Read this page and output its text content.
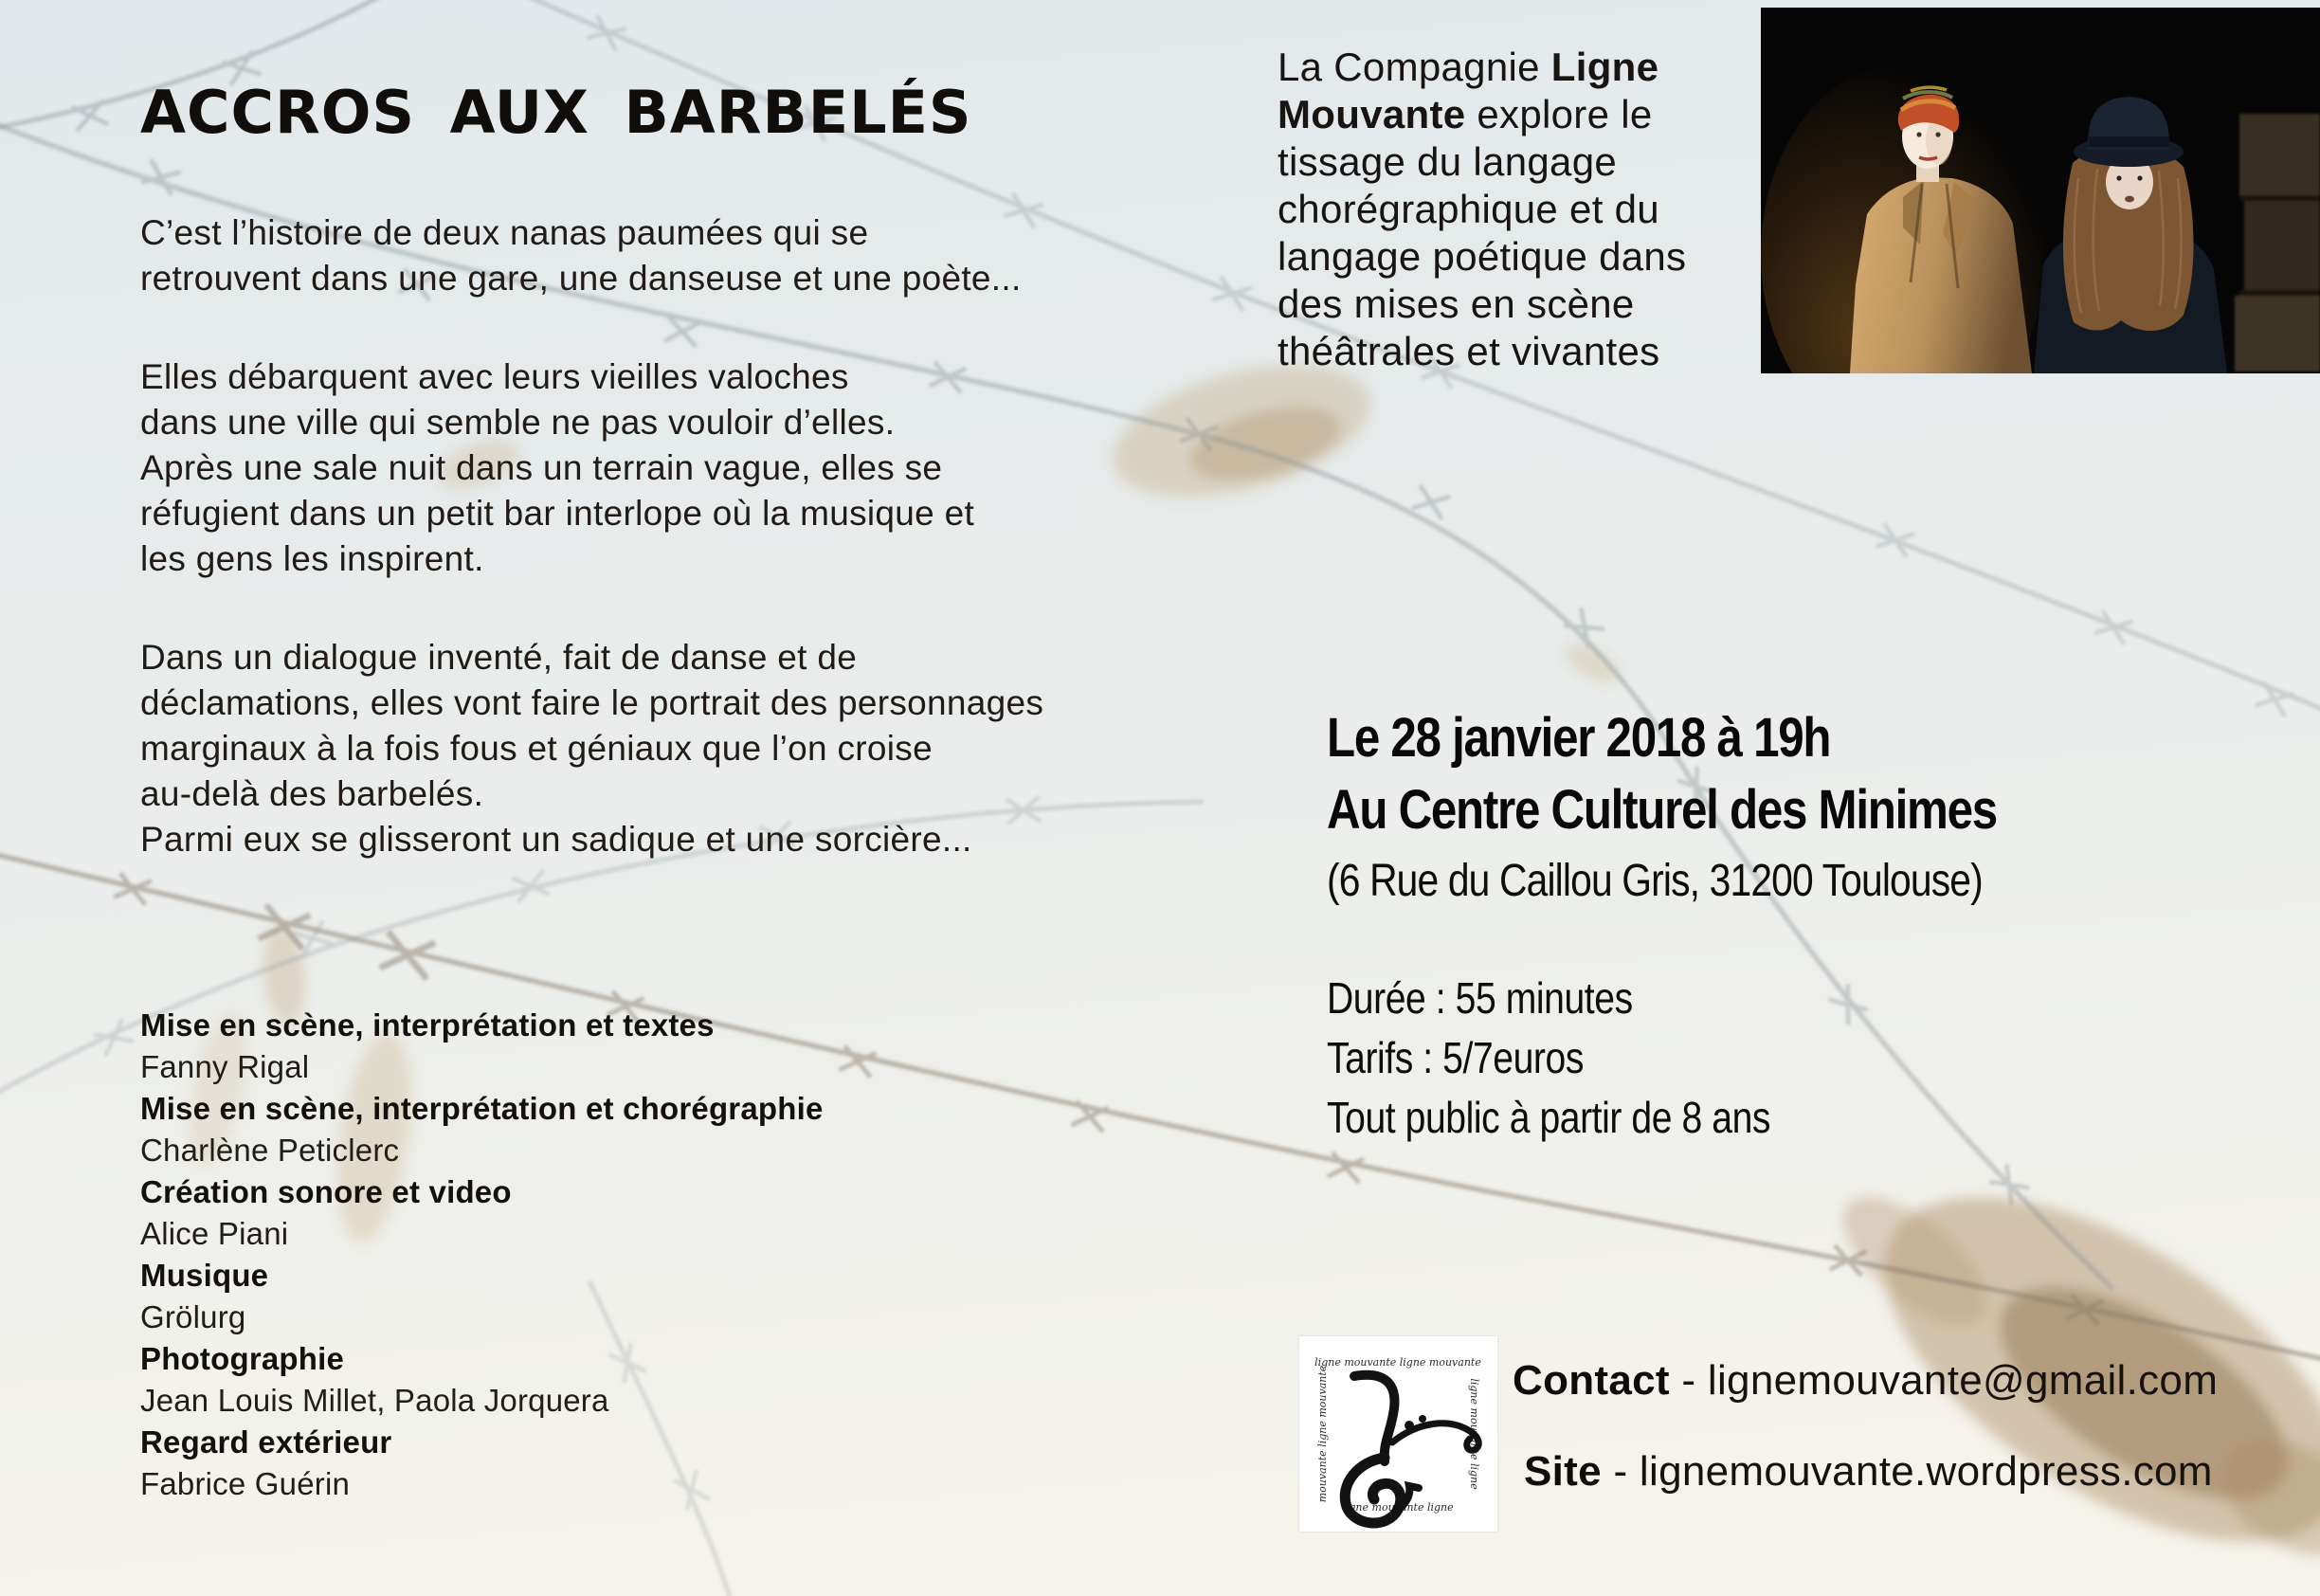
ACCROS AUX BARBELÉS

C’est l’histoire de deux nanas paumées qui se
retrouvent dans une gare, une danseuse et une poète...

Elles débarquent avec leurs vieilles valoches
dans une ville qui semble ne pas vouloir d’elles.
Après une sale nuit dans un terrain vague, elles se
réfugient dans un petit bar interlope où la musique et
les gens les inspirent.

Dans un dialogue inventé, fait de danse et de
déclamations, elles vont faire le portrait des personnages
marginaux à la fois fous et géniaux que l’on croise
au-delà des barbelés.
Parmi eux se glisseront un sadique et une sorcière...

Mise en scène, interprétation et textes
Fanny Rigal
Mise en scène, interprétation et chorégraphie
Charlène Peticlerc
Création sonore et video
Alice Piani
Musique
Grölurg
Photographie
Jean Louis Millet, Paola Jorquera
Regard extérieur
Fabrice Guérin
La Compagnie Ligne
Mouvante explore le
tissage du langage
chorégraphique et du
langage poétique dans
des mises en scène
théâtrales et vivantes
Le 28 janvier 2018 à 19h
Au Centre Culturel des Minimes
(6 Rue du Caillou Gris, 31200 Toulouse)
Durée : 55 minutes
Tarifs : 5/7euros
Tout public à partir de 8 ans
ligne mouvante ligne mouvante
ligne mouvante ligne
mouvante ligne mouvante	ligne mouvante ligne Contact - lignemouvante@gmail.com
Site - lignemouvante.wordpress.com
